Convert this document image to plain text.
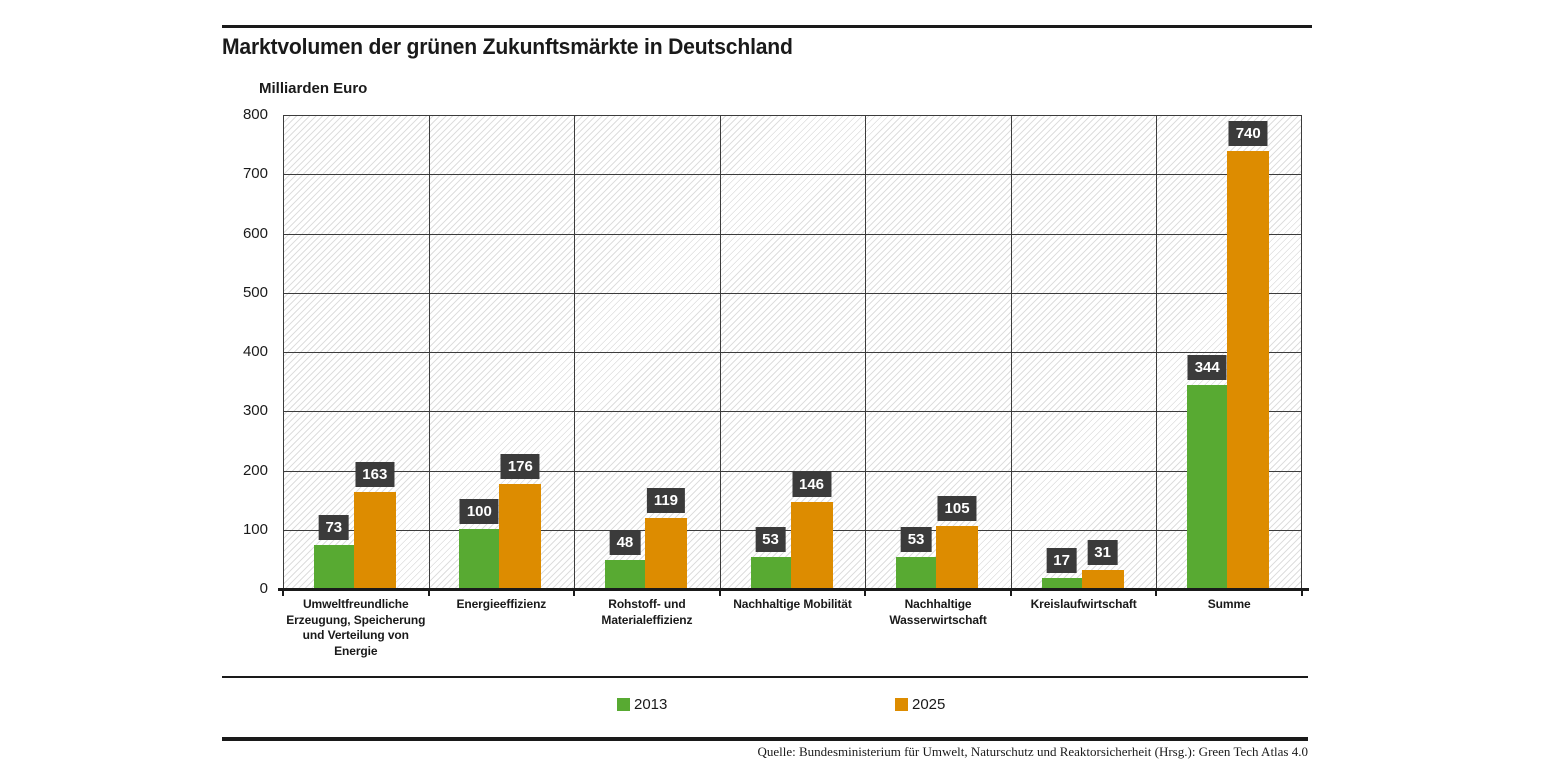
Marktvolumen der grünen Zukunftsmärkte in Deutschland
Milliarden Euro
73
100
48	53	53
17
344
163	176
119
146
105
31
740
2013	2025
Quelle: Bundesministerium für Umwelt, Naturschutz und Reaktorsicherheit (Hrsg.): Green Tech Atlas 4.0
0
100
200
300
400
500
600
700
800
Umweltfreundliche Erzeugung, Speicherung und Verteilung von Energie
Energieeffizienz	Rohstoff- und Materialeffizienz
Nachhaltige Mobilität	Nachhaltige Wasserwirtschaft
Kreislaufwirtschaft	Summe
